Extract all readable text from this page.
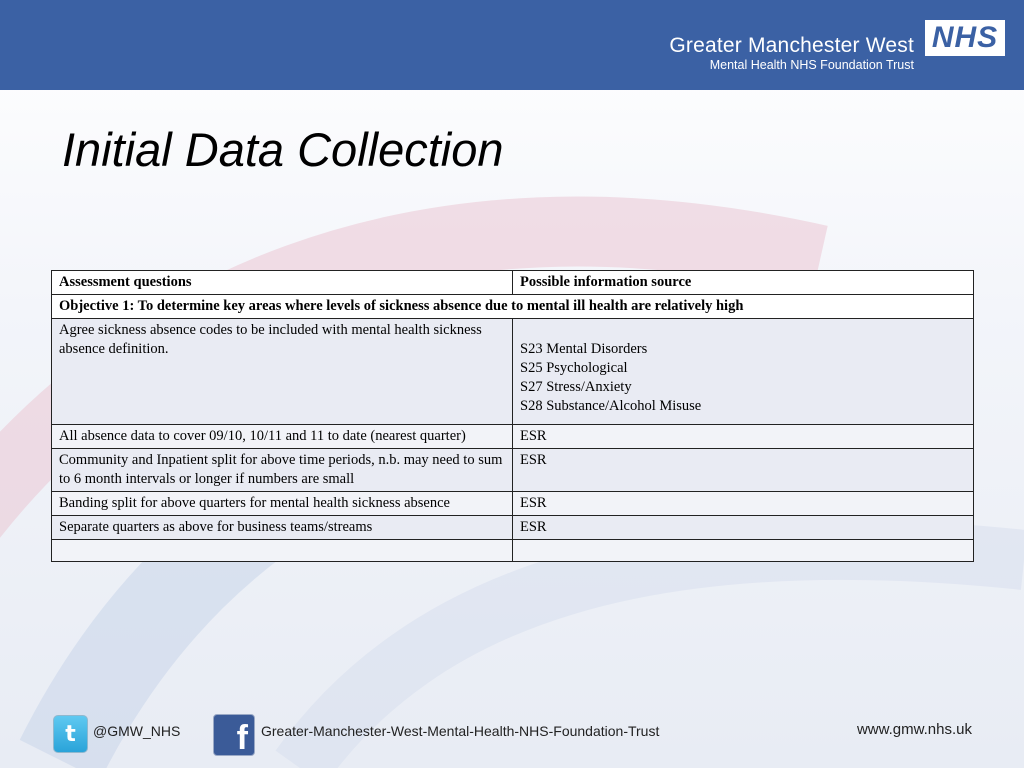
Greater Manchester West
Mental Health NHS Foundation Trust
NHS
Initial Data Collection
Assessment questions	Possible information source
Objective 1: To determine key areas where levels of sickness absence due to mental ill health are relatively high	
Agree sickness absence codes to be included with mental health sickness absence definition.	S23 Mental Disorders
S25 Psychological
S27 Stress/Anxiety
S28 Substance/Alcohol Misuse

All absence data to cover 09/10, 10/11 and 11 to date (nearest quarter)	ESR

Community and Inpatient split for above time periods, n.b. may need to sum to 6 month intervals or longer if numbers are small	ESR

Banding split for above quarters for mental health sickness absence	ESR

Separate quarters as above for business teams/streams	ESR

t @GMW_NHS f Greater-Manchester-West-Mental-Health-NHS-Foundation-Trust	www.gmw.nhs.uk
